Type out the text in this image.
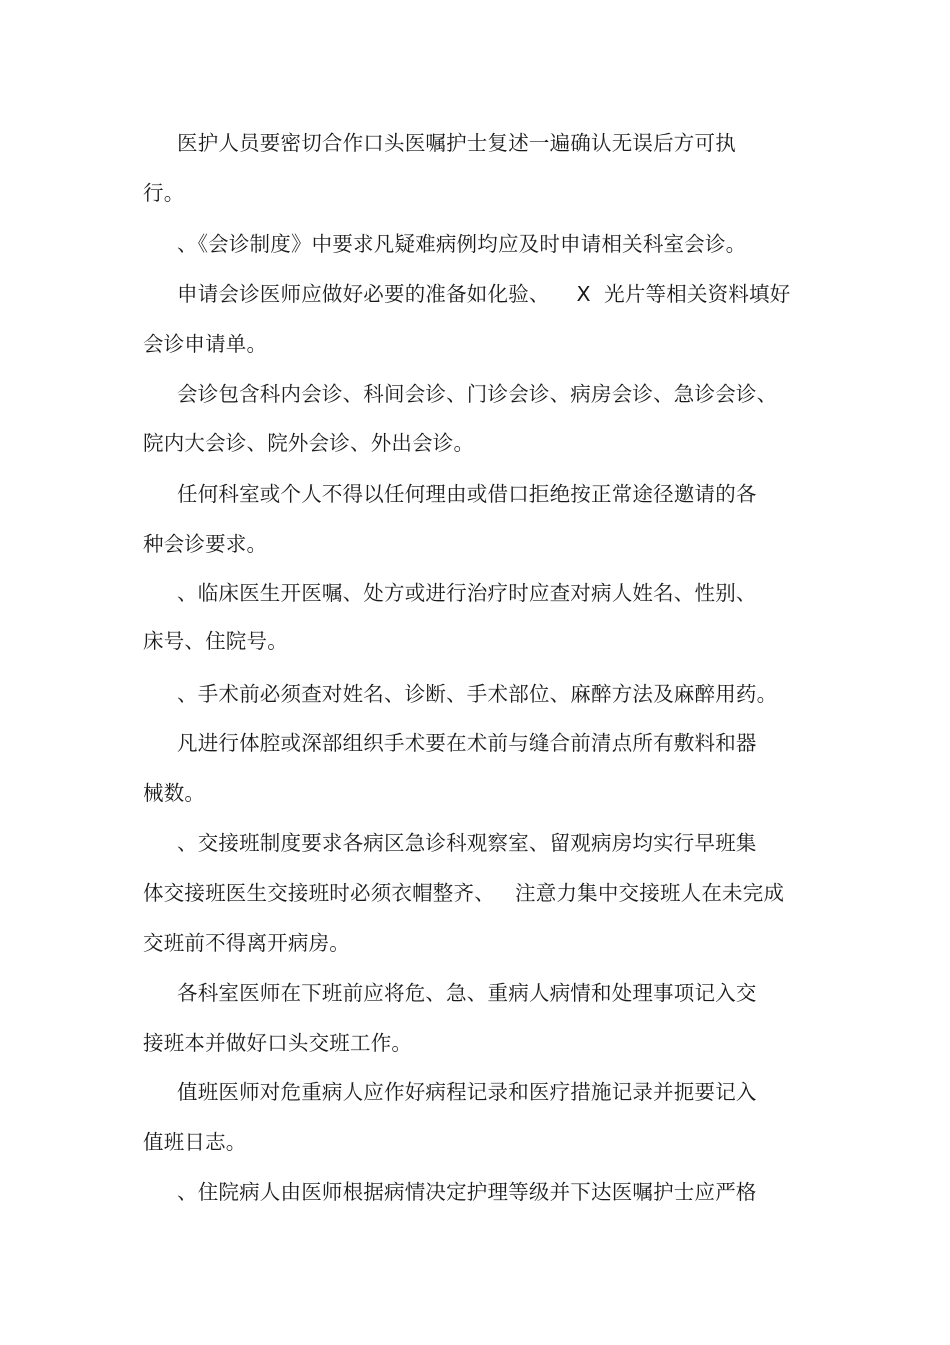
医护人员要密切合作口头医嘱护士复述一遍确认无误后方可执
行。
、《会诊制度》中要求凡疑难病例均应及时申请相关科室会诊。
申请会诊医师应做好必要的准备如化验、    X  光片等相关资料填好
会诊申请单。
会诊包含科内会诊、科间会诊、门诊会诊、病房会诊、急诊会诊、
院内大会诊、院外会诊、外出会诊。
任何科室或个人不得以任何理由或借口拒绝按正常途径邀请的各
种会诊要求。
、临床医生开医嘱、处方或进行治疗时应查对病人姓名、性别、
床号、住院号。
、手术前必须查对姓名、诊断、手术部位、麻醉方法及麻醉用药。
凡进行体腔或深部组织手术要在术前与缝合前清点所有敷料和器
械数。
、交接班制度要求各病区急诊科观察室、留观病房均实行早班集
体交接班医生交接班时必须衣帽整齐、   注意力集中交接班人在未完成
交班前不得离开病房。
各科室医师在下班前应将危、急、重病人病情和处理事项记入交
接班本并做好口头交班工作。
值班医师对危重病人应作好病程记录和医疗措施记录并扼要记入
值班日志。
、住院病人由医师根据病情决定护理等级并下达医嘱护士应严格
